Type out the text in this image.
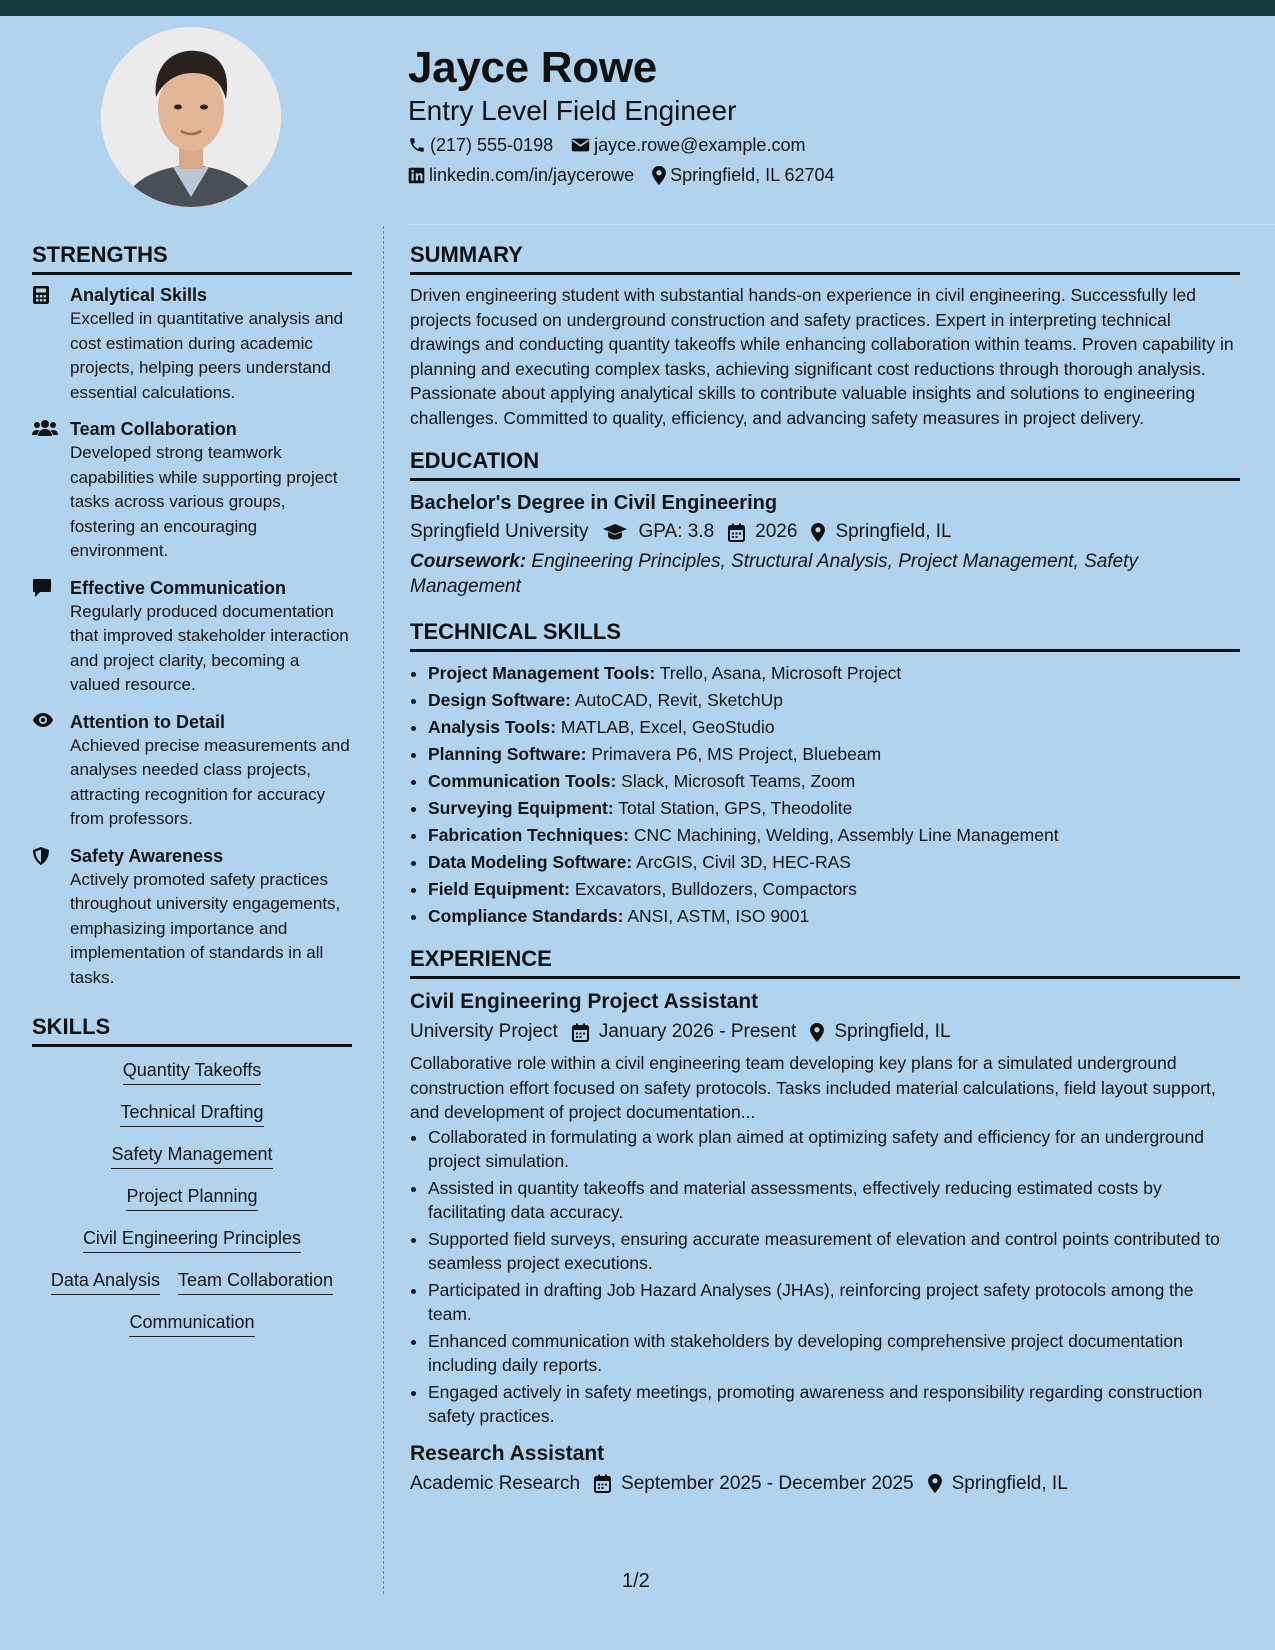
Jayce Rowe
Entry Level Field Engineer
(217) 555-0198 jayce.rowe@example.com
linkedin.com/in/jaycerowe Springfield, IL 62704
STRENGTHS
Analytical Skills
Excelled in quantitative analysis and cost estimation during academic projects, helping peers understand essential calculations.
Team Collaboration
Developed strong teamwork capabilities while supporting project tasks across various groups, fostering an encouraging environment.
Effective Communication
Regularly produced documentation that improved stakeholder interaction and project clarity, becoming a valued resource.
Attention to Detail
Achieved precise measurements and analyses needed class projects, attracting recognition for accuracy from professors.
Safety Awareness
Actively promoted safety practices throughout university engagements, emphasizing importance and implementation of standards in all tasks.
SKILLS
Quantity Takeoffs
Technical Drafting
Safety Management
Project Planning
Civil Engineering Principles
Data Analysis Team Collaboration
Communication
SUMMARY

Driven engineering student with substantial hands-on experience in civil engineering. Successfully led projects focused on underground construction and safety practices. Expert in interpreting technical drawings and conducting quantity takeoffs while enhancing collaboration within teams. Proven capability in planning and executing complex tasks, achieving significant cost reductions through thorough analysis. Passionate about applying analytical skills to contribute valuable insights and solutions to engineering challenges. Committed to quality, efficiency, and advancing safety measures in project delivery.

EDUCATION
Bachelor's Degree in Civil Engineering
Springfield University	GPA: 3.8 2026 Springfield, IL
Coursework: Engineering Principles, Structural Analysis, Project Management, Safety Management
TECHNICAL SKILLS
• Project Management Tools: Trello, Asana, Microsoft Project
• Design Software: AutoCAD, Revit, SketchUp
• Analysis Tools: MATLAB, Excel, GeoStudio
• Planning Software: Primavera P6, MS Project, Bluebeam
• Communication Tools: Slack, Microsoft Teams, Zoom
• Surveying Equipment: Total Station, GPS, Theodolite
• Fabrication Techniques: CNC Machining, Welding, Assembly Line Management
• Data Modeling Software: ArcGIS, Civil 3D, HEC-RAS
• Field Equipment: Excavators, Bulldozers, Compactors
• Compliance Standards: ANSI, ASTM, ISO 9001
EXPERIENCE
Civil Engineering Project Assistant
University Project January 2026 - Present Springfield, IL
Collaborative role within a civil engineering team developing key plans for a simulated underground construction effort focused on safety protocols. Tasks included material calculations, field layout support, and development of project documentation...
• Collaborated in formulating a work plan aimed at optimizing safety and efficiency for an underground project simulation.
• Assisted in quantity takeoffs and material assessments, effectively reducing estimated costs by facilitating data accuracy.
• Supported field surveys, ensuring accurate measurement of elevation and control points contributed to seamless project executions.
• Participated in drafting Job Hazard Analyses (JHAs), reinforcing project safety protocols among the team.
• Enhanced communication with stakeholders by developing comprehensive project documentation including daily reports.
• Engaged actively in safety meetings, promoting awareness and responsibility regarding construction safety practices.
Research Assistant
Academic Research September 2025 - December 2025 Springfield, IL
1/2
